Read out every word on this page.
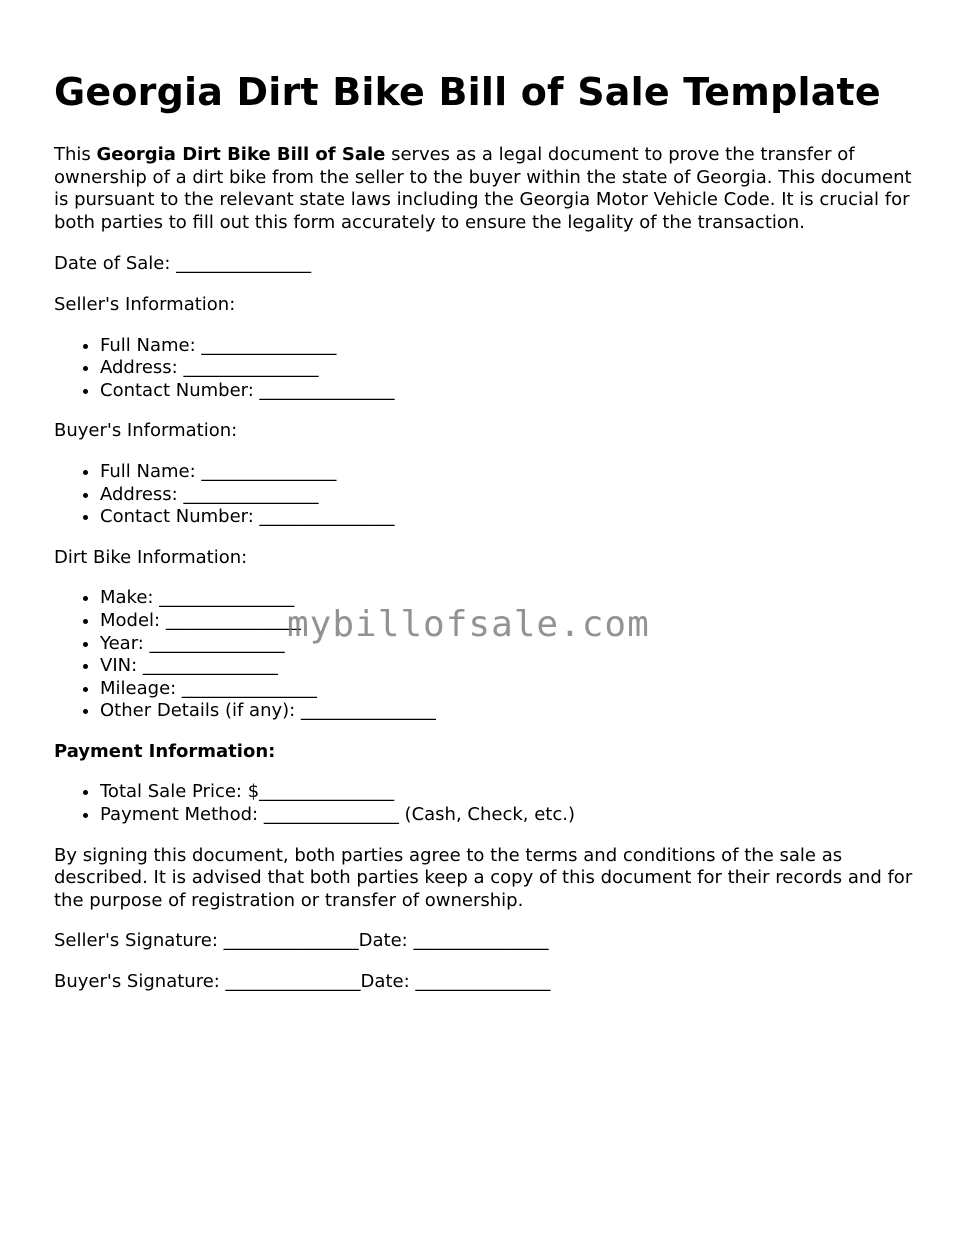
Georgia Dirt Bike Bill of Sale Template

This Georgia Dirt Bike Bill of Sale serves as a legal document to prove the transfer of ownership of a dirt bike from the seller to the buyer within the state of Georgia. This document is pursuant to the relevant state laws including the Georgia Motor Vehicle Code. It is crucial for both parties to fill out this form accurately to ensure the legality of the transaction.

Date of Sale: _______________

Seller's Information:

• Full Name: _______________
• Address: _______________
• Contact Number: _______________

Buyer's Information:

• Full Name: _______________
• Address: _______________
• Contact Number: _______________

Dirt Bike Information:

• Make: _______________
• Model: _______________
• Year: _______________
• VIN: _______________
• Mileage: _______________
• Other Details (if any): _______________

Payment Information:

• Total Sale Price: $_______________
• Payment Method: _______________ (Cash, Check, etc.)

By signing this document, both parties agree to the terms and conditions of the sale as described. It is advised that both parties keep a copy of this document for their records and for the purpose of registration or transfer of ownership.

Seller's Signature: _______________Date: _______________

Buyer's Signature: _______________Date: _______________

mybillofsale.com
